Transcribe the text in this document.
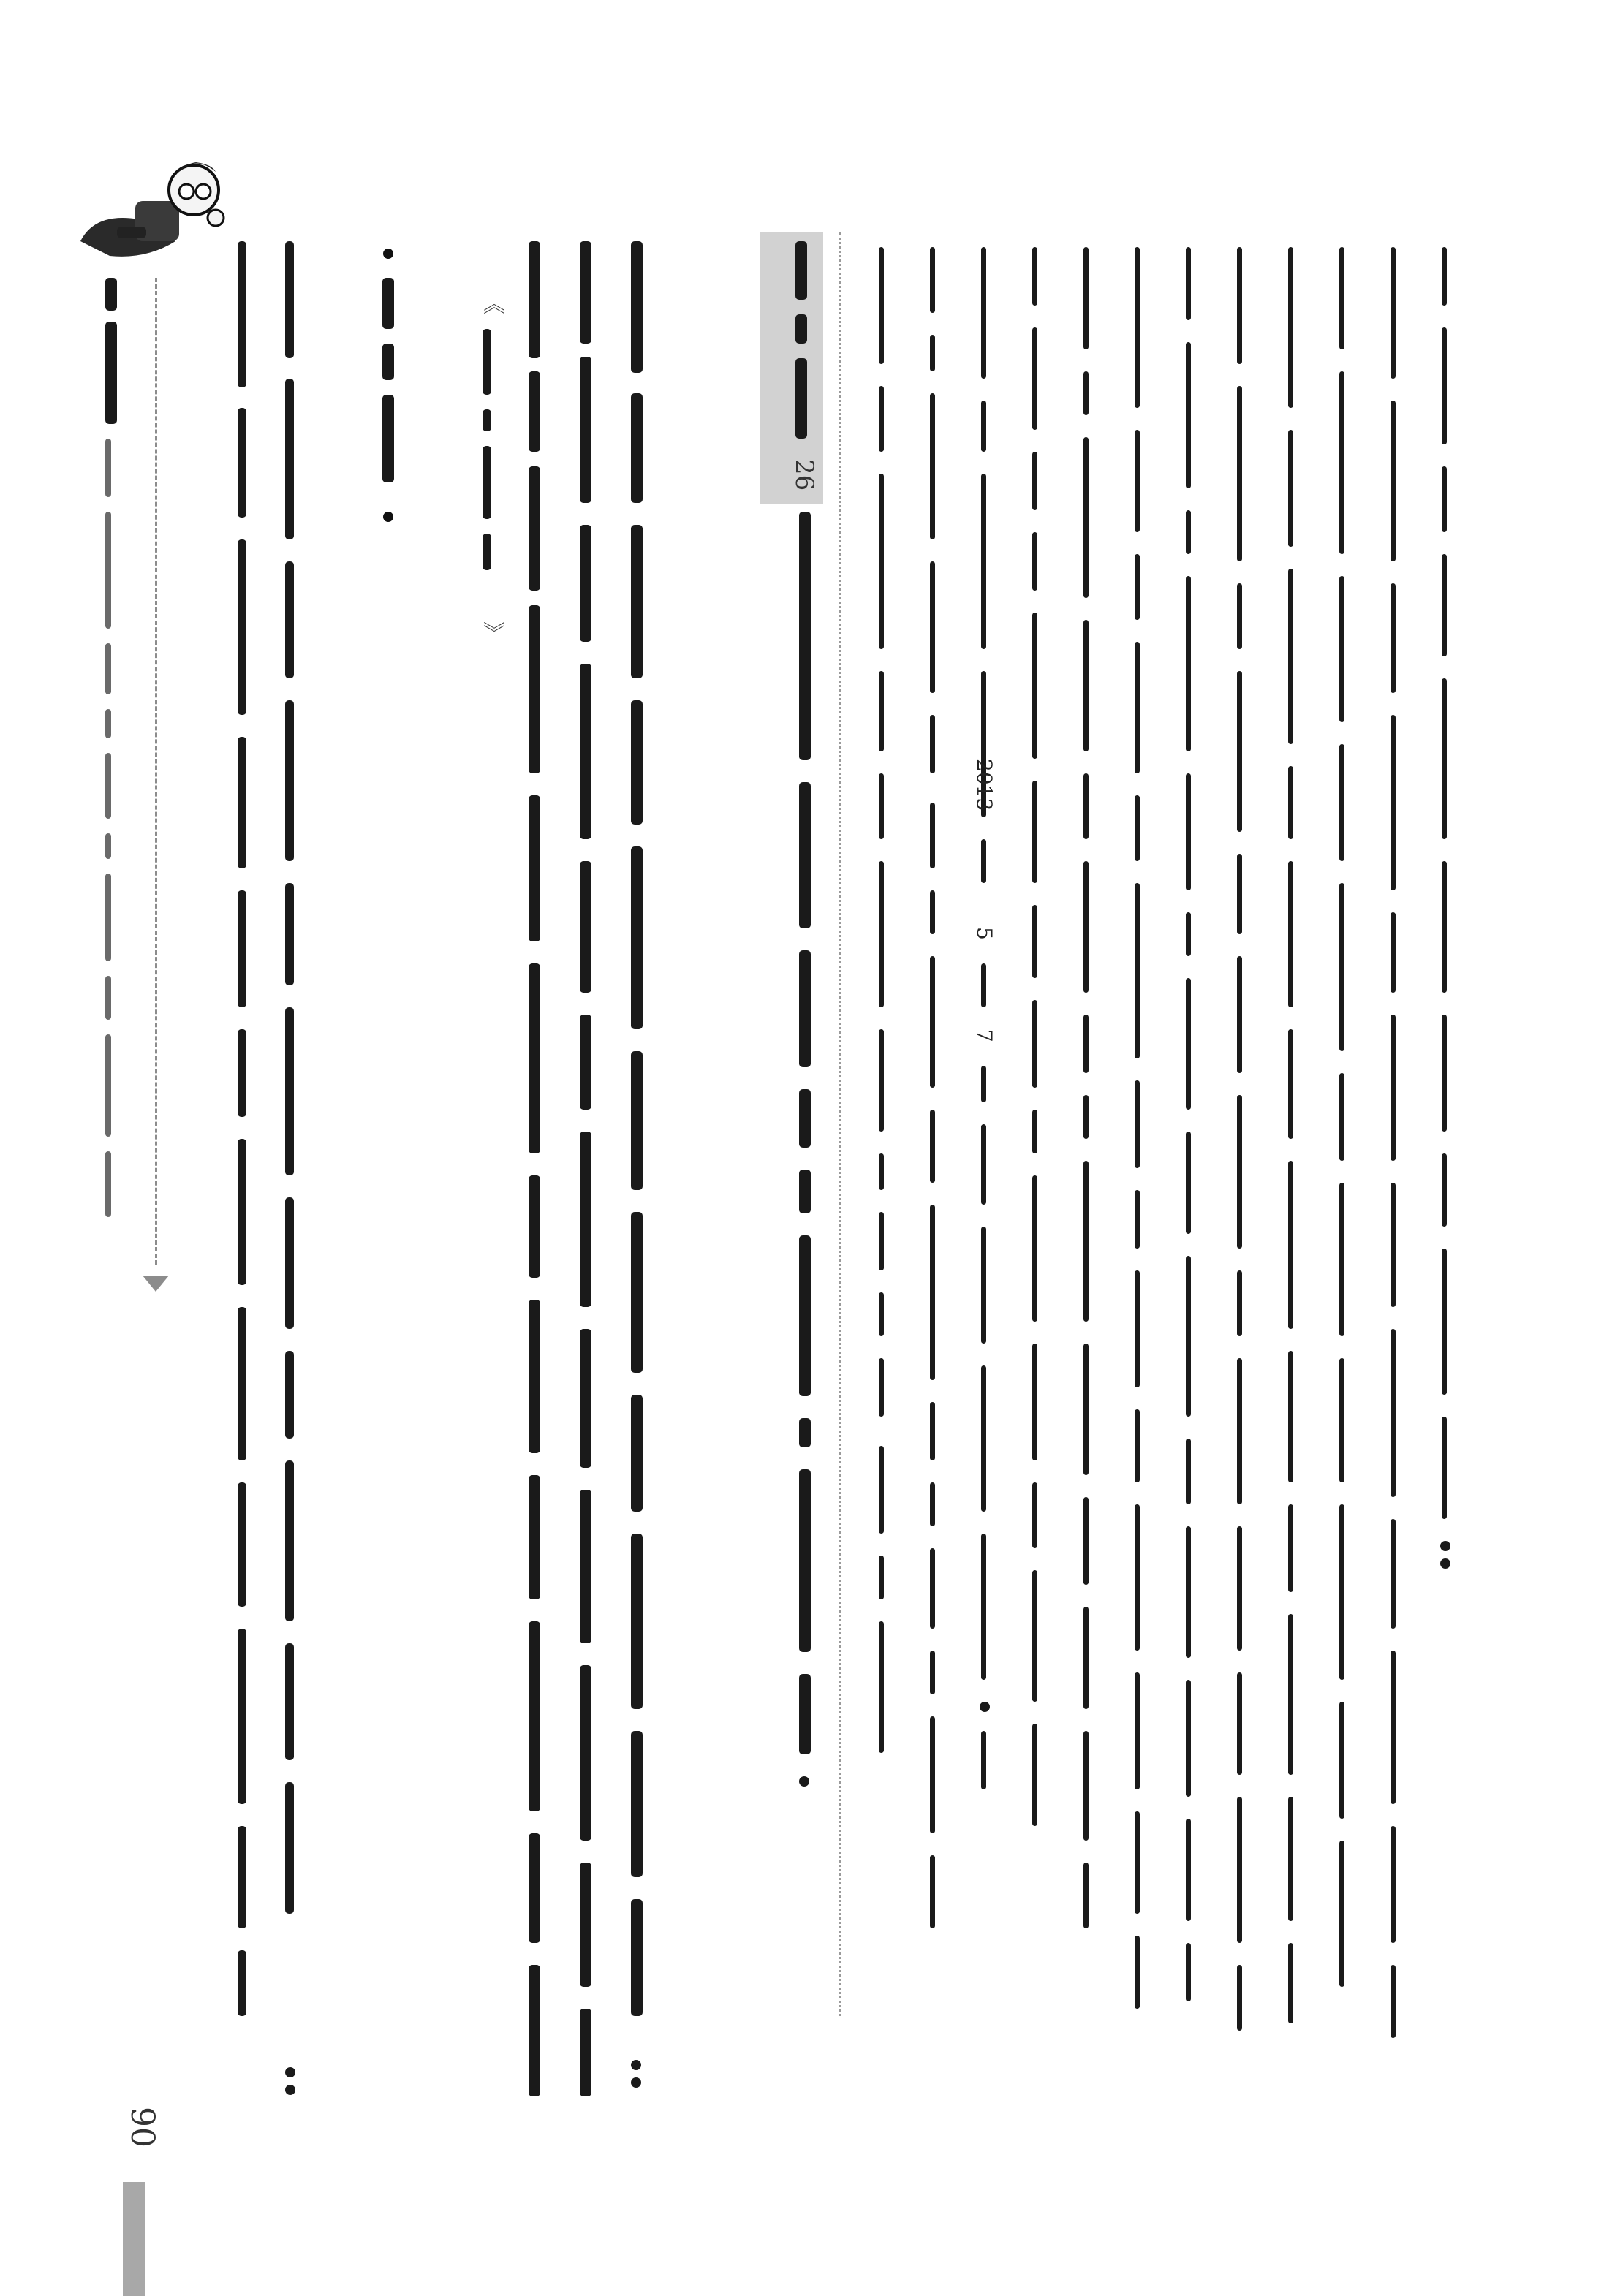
《
》
26
2013
5
7
90
